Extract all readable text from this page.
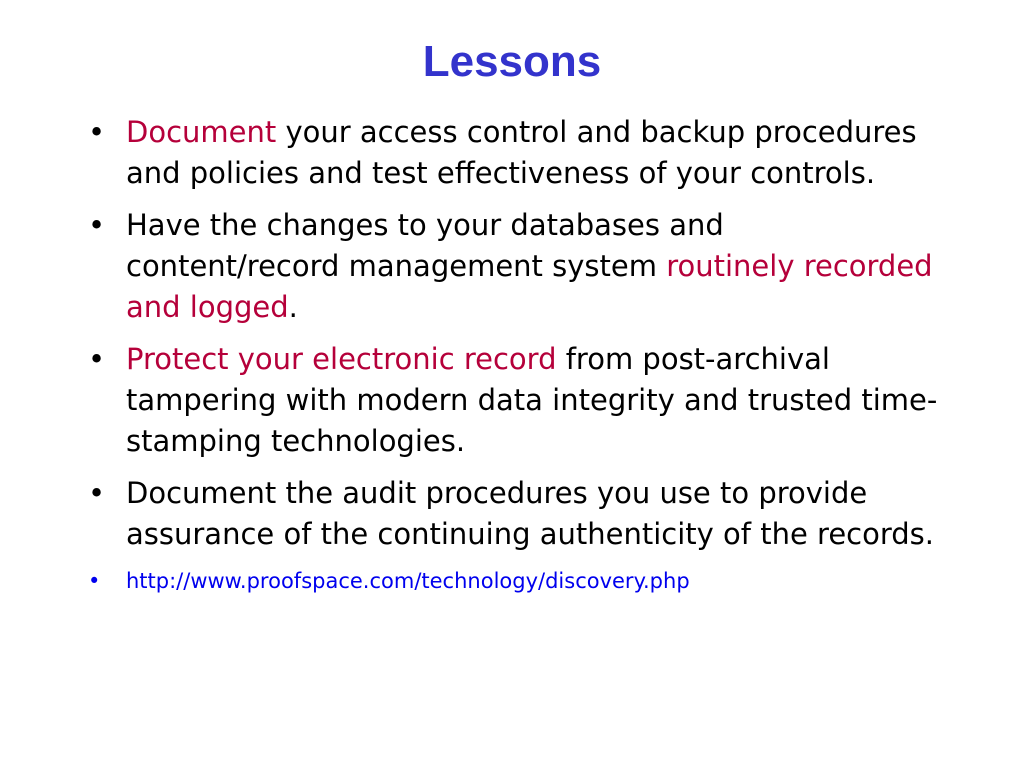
Lessons
• Document your access control and backup procedures and policies and test effectiveness of your controls.
• Have the changes to your databases and content/record management system routinely recorded and logged.
• Protect your electronic record from post-archival tampering with modern data integrity and trusted time-stamping technologies.
• Document the audit procedures you use to provide assurance of the continuing authenticity of the records.
• http://www.proofspace.com/technology/discovery.php
